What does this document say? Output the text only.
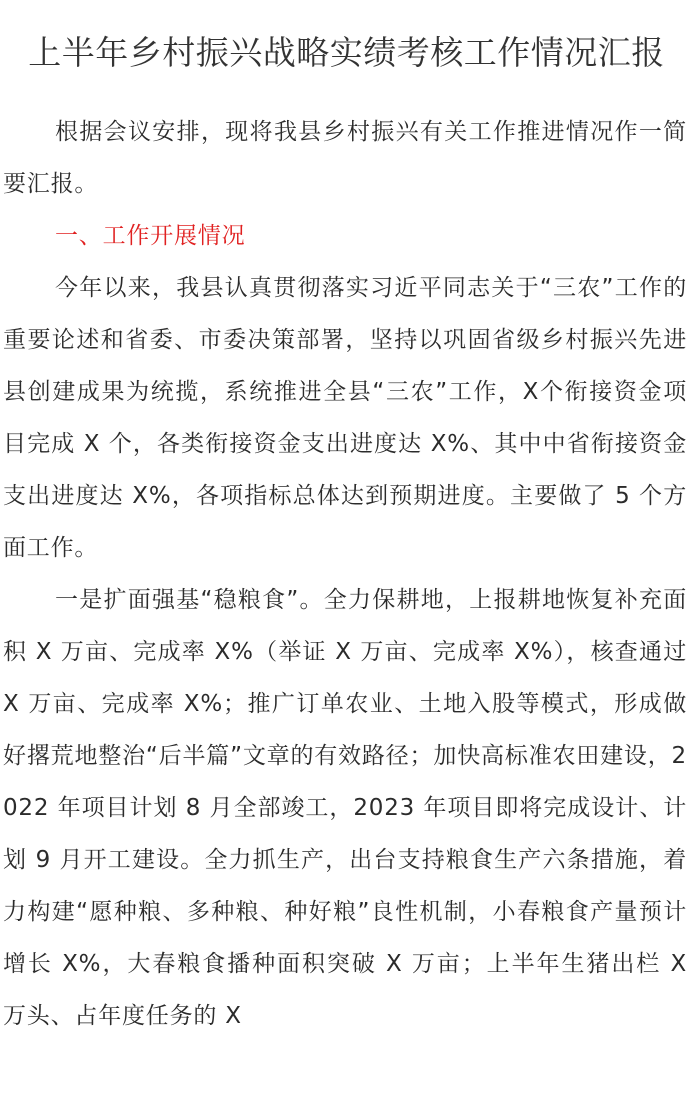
上半年乡村振兴战略实绩考核工作情况汇报

根据会议安排，现将我县乡村振兴有关工作推进情况作一简要汇报。

一、工作开展情况

今年以来，我县认真贯彻落实习近平同志关于“三农”工作的重要论述和省委、市委决策部署，坚持以巩固省级乡村振兴先进县创建成果为统揽，系统推进全县“三农”工作，X个衔接资金项目完成 X 个，各类衔接资金支出进度达 X%、其中中省衔接资金支出进度达 X%，各项指标总体达到预期进度。主要做了 5 个方面工作。

一是扩面强基“稳粮食”。全力保耕地，上报耕地恢复补充面积 X 万亩、完成率 X%（举证 X 万亩、完成率 X%），核查通过 X 万亩、完成率 X%；推广订单农业、土地入股等模式，形成做好撂荒地整治“后半篇”文章的有效路径；加快高标准农田建设，2022 年项目计划 8 月全部竣工，2023 年项目即将完成设计、计划 9 月开工建设。全力抓生产，出台支持粮食生产六条措施，着力构建“愿种粮、多种粮、种好粮”良性机制，小春粮食产量预计增长 X%，大春粮食播种面积突破 X 万亩；上半年生猪出栏 X 万头、占年度任务的 X
